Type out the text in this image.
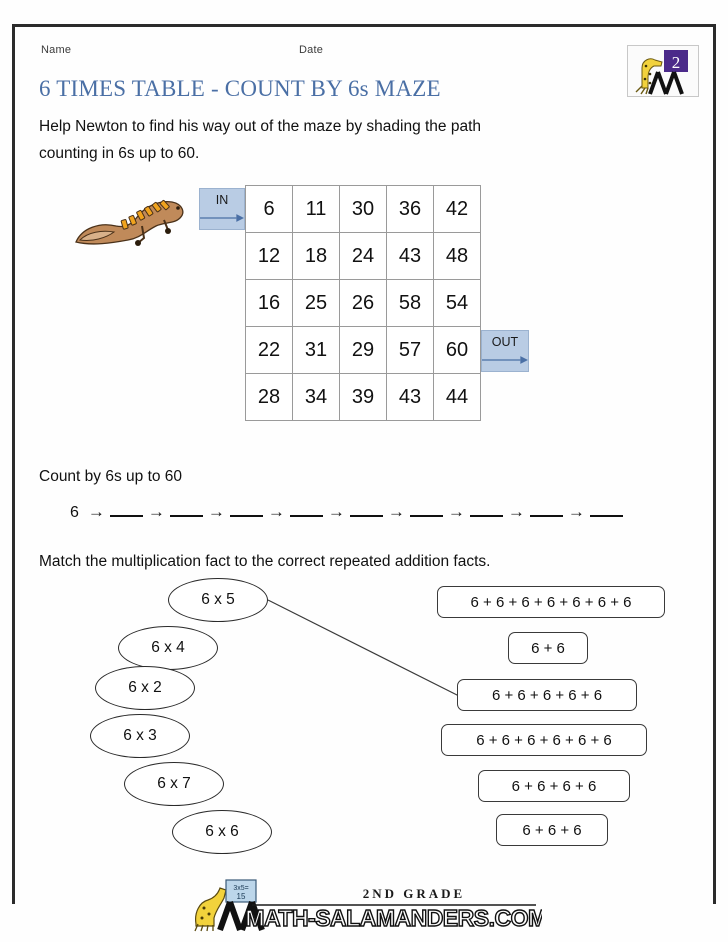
Name	Date
2
6 TIMES TABLE - COUNT BY 6s MAZE
Help Newton to find his way out of the maze by shading the path
counting in 6s up to 60.
IN	6	11	30	36	42
12	18	24	43	48
16	25	26	58	54
22	31	29	57	60
28	34	39	43	44
OUT
Count by 6s up to 60
6 →	→	→	→	→	→	→	→	→
Match the multiplication fact to the correct repeated addition facts.
6 x 5
6 x 4
6 x 2
6 x 3
6 x 7
6 x 6
6 + 6 + 6 + 6 + 6 + 6 + 6
6 + 6
6 + 6 + 6 + 6 + 6
6 + 6 + 6 + 6 + 6 + 6
6 + 6 + 6 + 6
6 + 6 + 6
3x5=
15	2ND GRADE
MATH-SALAMANDERS.COM
